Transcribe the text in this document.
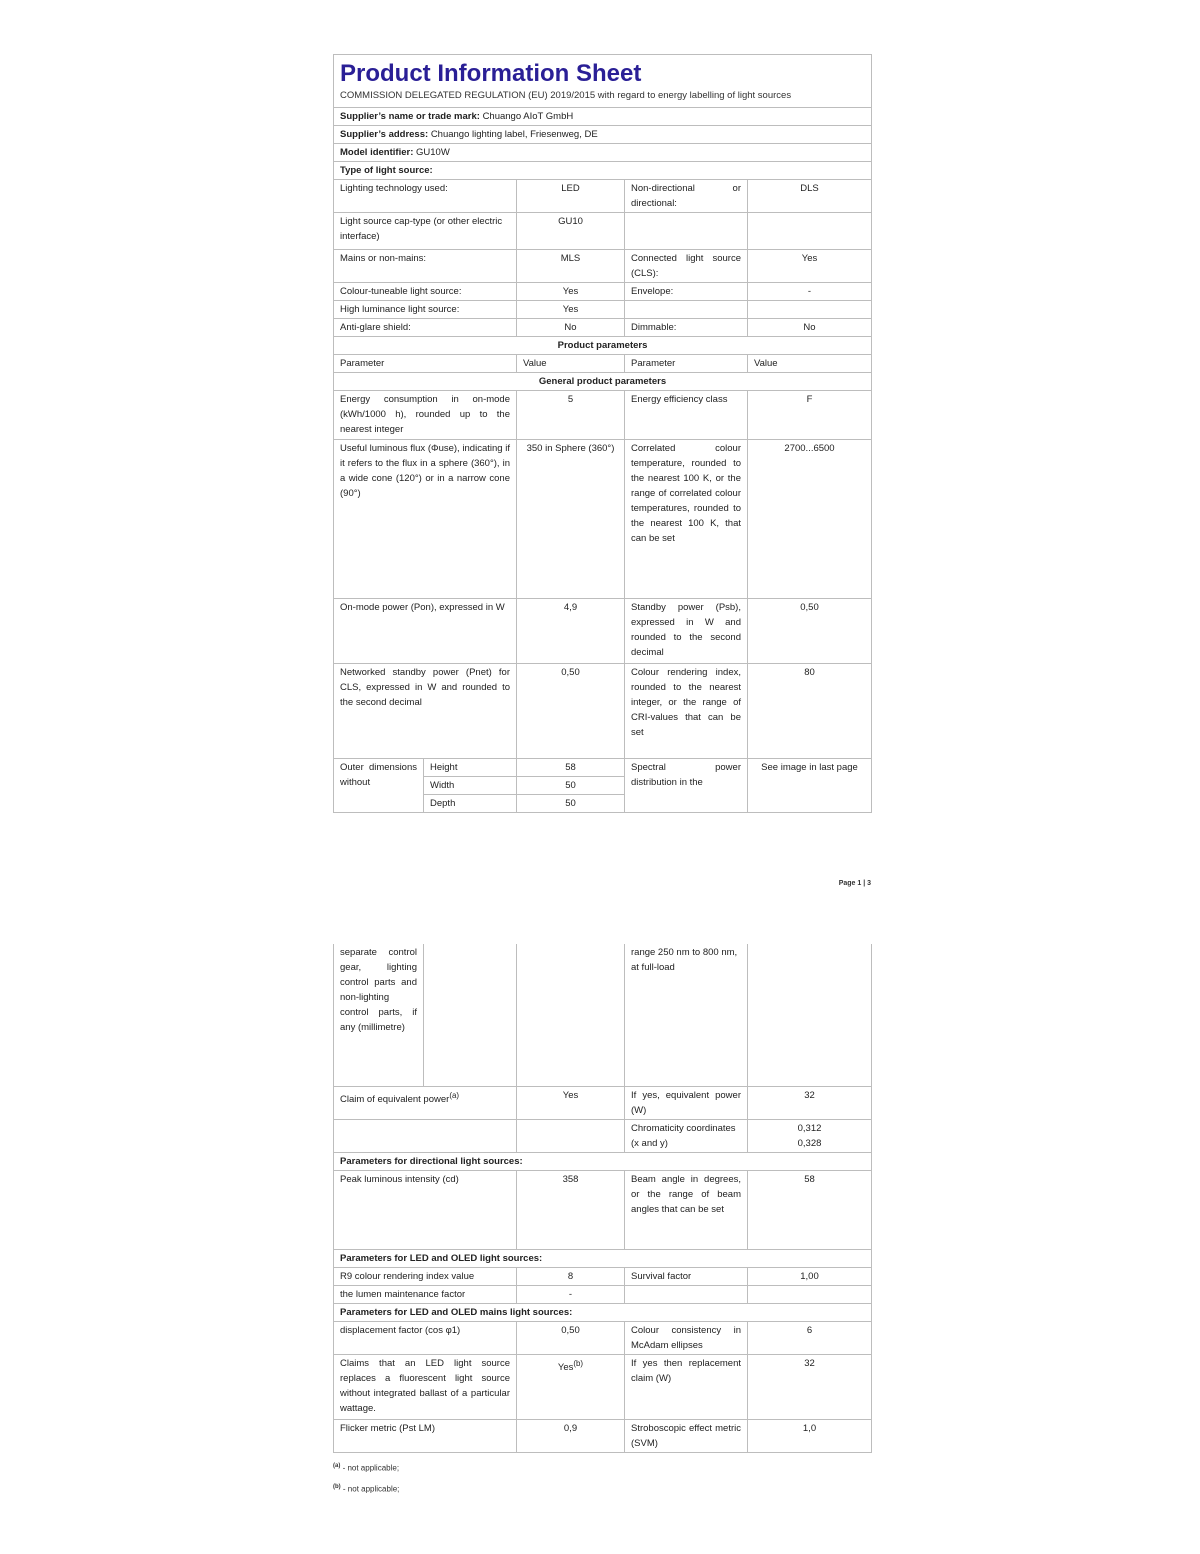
Product Information Sheet
COMMISSION DELEGATED REGULATION (EU) 2019/2015 with regard to energy labelling of light sources				

Supplier’s name or trade mark: Chuango AIoT GmbH				
Supplier’s address: Chuango lighting label, Friesenweg, DE				
Model identifier: GU10W				
Type of light source:				
Lighting technology used:		LED	Non-directional or directional:	DLS
Light source cap-type (or other electric interface)		GU10		
Mains or non-mains:		MLS	Connected light source (CLS):	Yes
Colour-tuneable light source:		Yes	Envelope:	-
High luminance light source:		Yes		
Anti-glare shield:		No	Dimmable:	No
Product parameters				
Parameter		Value	Parameter	Value
General product parameters				
Energy consumption in on-mode (kWh/1000 h), rounded up to the nearest integer		5	Energy efficiency class	F
Useful luminous flux (Φuse), indicating if it refers to the flux in a sphere (360°), in a wide cone (120°) or in a narrow cone (90°)		350 in Sphere (360°)	Correlated colour temperature, rounded to the nearest 100 K, or the range of correlated colour temperatures, rounded to the nearest 100 K, that can be set	2700...6500
On-mode power (Pon), expressed in W		4,9	Standby power (Psb), expressed in W and rounded to the second decimal	0,50
Networked standby power (Pnet) for CLS, expressed in W and rounded to the second decimal		0,50	Colour rendering index, rounded to the nearest integer, or the range of CRI-values that can be set	80
Outer dimensions without	Height	58	Spectral power distribution in the	See image in last page
	Width	50		
	Depth	50		
Page 1 | 3
separate control gear, lighting control parts and non-lighting control parts, if any (millimetre)			range 250 nm to 800 nm, at full-load	
Claim of equivalent power$^{(a)}$		Yes	If yes, equivalent power (W)	32
			Chromaticity coordinates (x and y)	0,312
0,328
Parameters for directional light sources:				
Peak luminous intensity (cd)		358	Beam angle in degrees, or the range of beam angles that can be set	58
Parameters for LED and OLED light sources:				
R9 colour rendering index value		8	Survival factor	1,00
the lumen maintenance factor		-		
Parameters for LED and OLED mains light sources:				
displacement factor (cos φ1)		0,50	Colour consistency in McAdam ellipses	6
Claims that an LED light source replaces a fluorescent light source without integrated ballast of a particular wattage.		Yes$^{(b)}$	If yes then replacement claim (W)	32
Flicker metric (Pst LM)		0,9	Stroboscopic effect metric (SVM)	1,0
$^{(a)}$ - not applicable;
$^{(b)}$ - not applicable;
